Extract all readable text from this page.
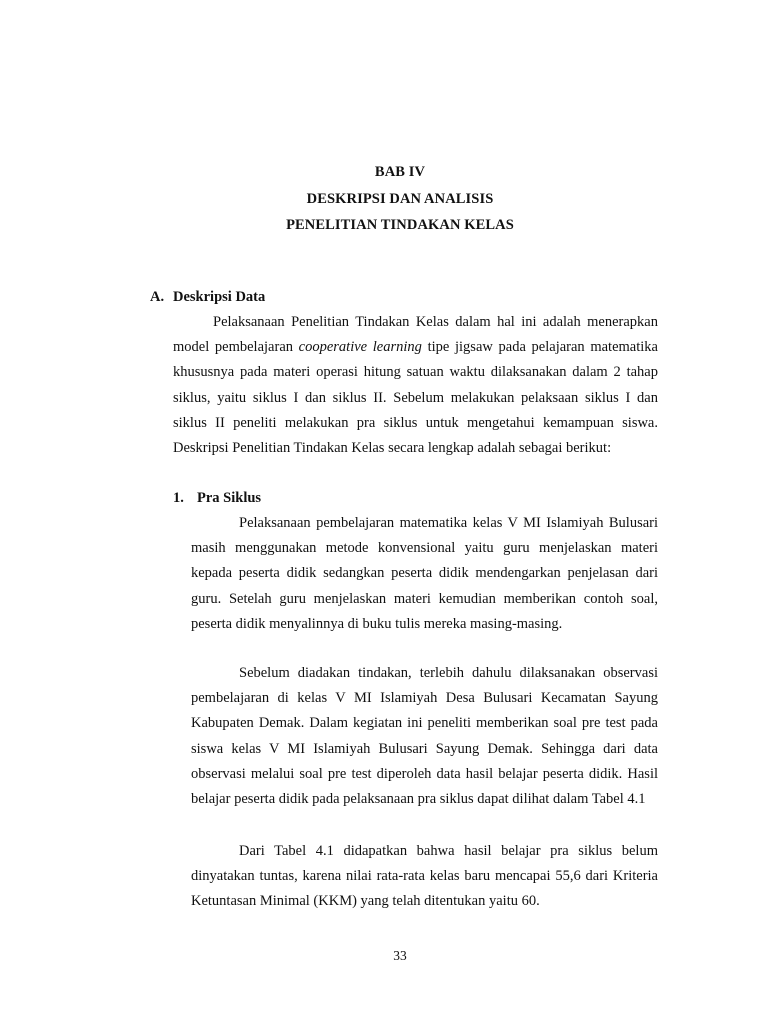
BAB IV
DESKRIPSI DAN ANALISIS
PENELITIAN TINDAKAN KELAS
A. Deskripsi Data
Pelaksanaan Penelitian Tindakan Kelas dalam hal ini adalah menerapkan model pembelajaran cooperative learning tipe jigsaw pada pelajaran matematika khususnya pada materi operasi hitung satuan waktu dilaksanakan dalam 2 tahap siklus, yaitu siklus I dan siklus II. Sebelum melakukan pelaksaan siklus I dan siklus II peneliti melakukan pra siklus untuk mengetahui kemampuan siswa. Deskripsi Penelitian Tindakan Kelas secara lengkap adalah sebagai berikut:
1. Pra Siklus
Pelaksanaan pembelajaran matematika kelas V MI Islamiyah Bulusari masih menggunakan metode konvensional yaitu guru menjelaskan materi kepada peserta didik sedangkan peserta didik mendengarkan penjelasan dari guru. Setelah guru menjelaskan materi kemudian memberikan contoh soal, peserta didik menyalinnya di buku tulis mereka masing-masing.
Sebelum diadakan tindakan, terlebih dahulu dilaksanakan observasi pembelajaran di kelas V MI Islamiyah Desa Bulusari Kecamatan Sayung Kabupaten Demak. Dalam kegiatan ini peneliti memberikan soal pre test pada siswa kelas V MI Islamiyah Bulusari Sayung Demak. Sehingga dari data observasi melalui soal pre test diperoleh data hasil belajar peserta didik. Hasil belajar peserta didik pada pelaksanaan pra siklus dapat dilihat dalam Tabel 4.1
Dari Tabel 4.1 didapatkan bahwa hasil belajar pra siklus belum dinyatakan tuntas, karena nilai rata-rata kelas baru mencapai 55,6 dari Kriteria Ketuntasan Minimal (KKM) yang telah ditentukan yaitu 60.
33
